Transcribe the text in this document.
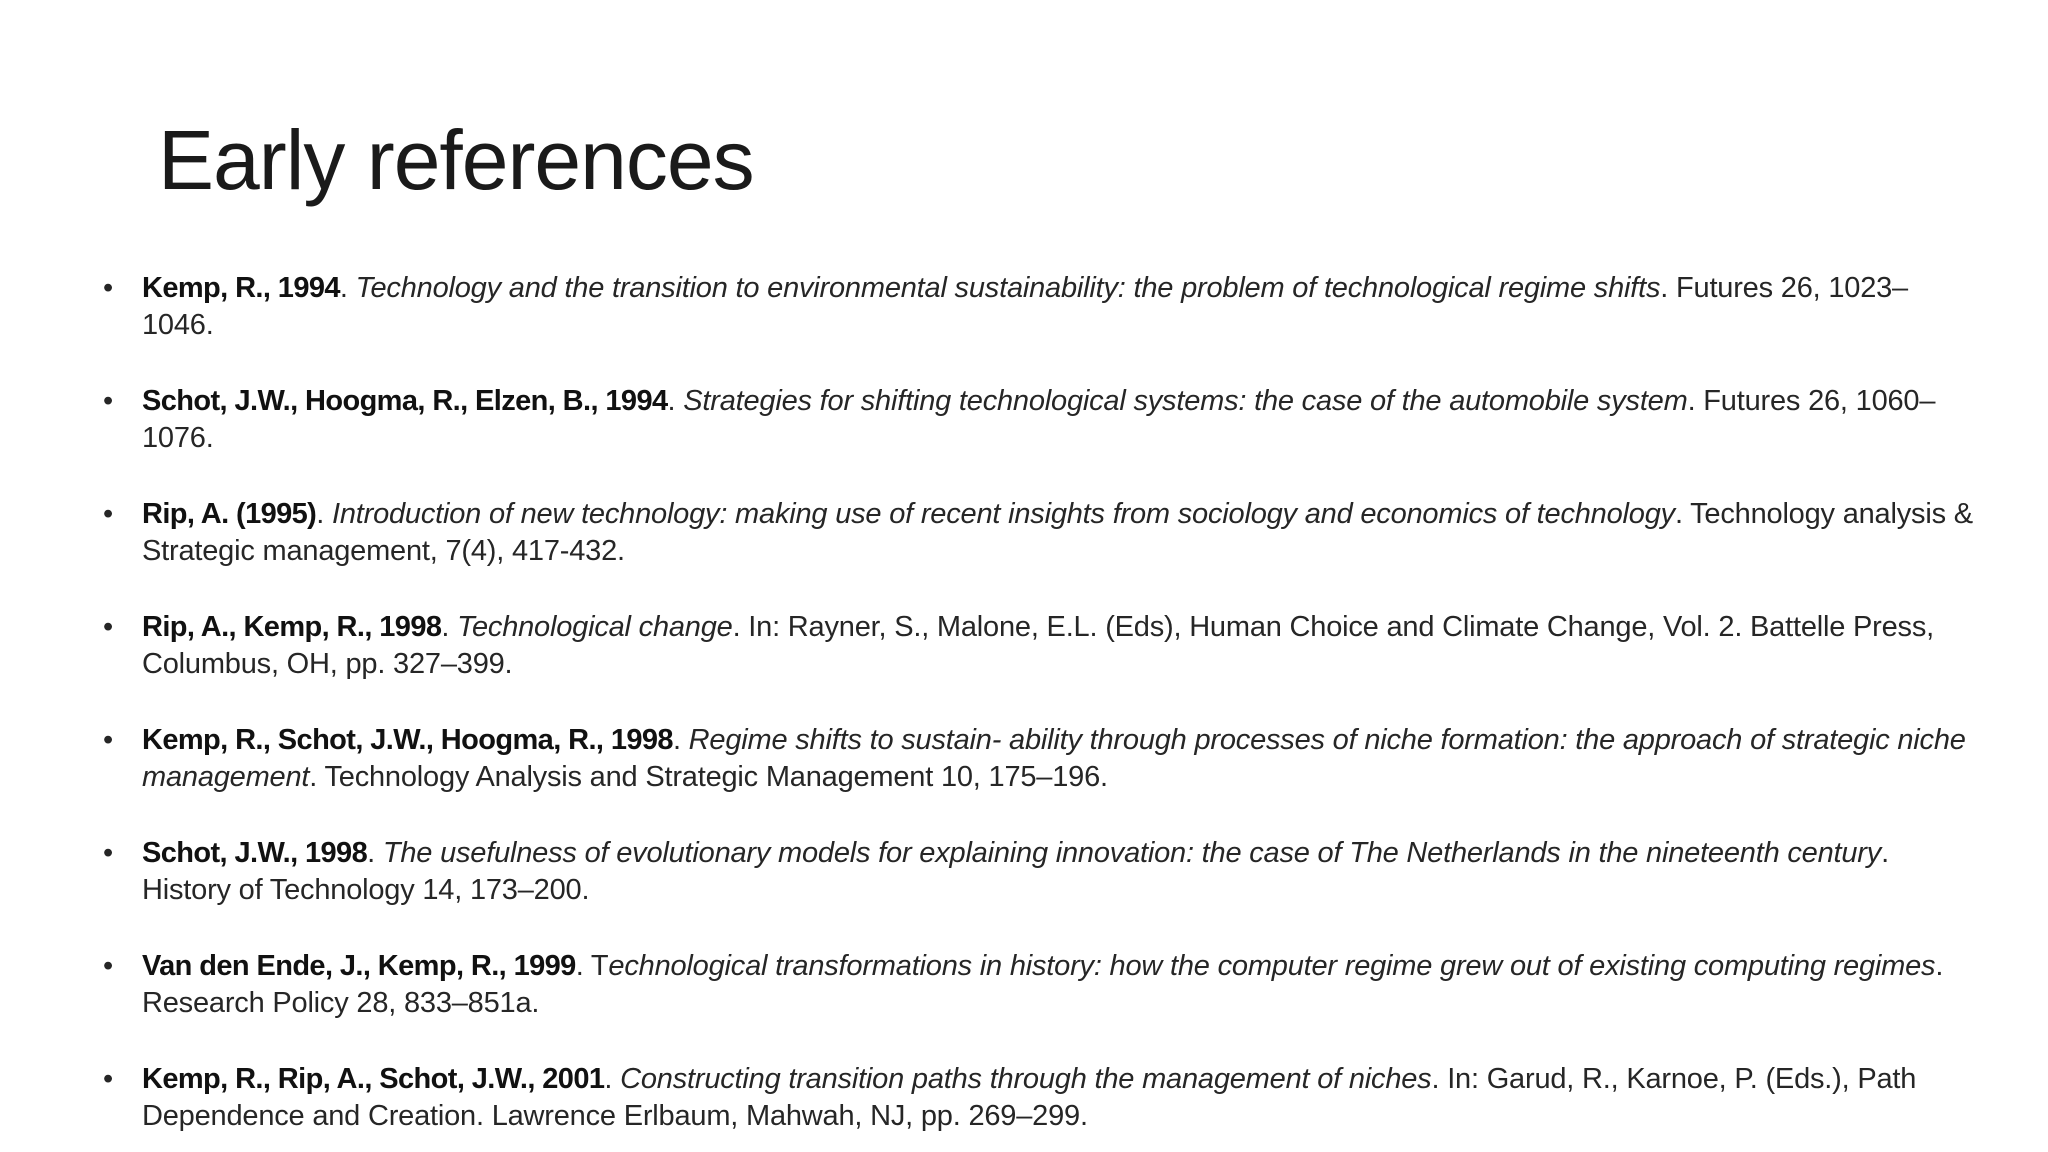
Early references
• Kemp, R., 1994. Technology and the transition to environmental sustainability: the problem of technological regime shifts. Futures 26, 1023–1046.
• Schot, J.W., Hoogma, R., Elzen, B., 1994. Strategies for shifting technological systems: the case of the automobile system. Futures 26, 1060–1076.
• Rip, A. (1995). Introduction of new technology: making use of recent insights from sociology and economics of technology. Technology analysis & Strategic management, 7(4), 417-432.
• Rip, A., Kemp, R., 1998. Technological change. In: Rayner, S., Malone, E.L. (Eds), Human Choice and Climate Change, Vol. 2. Battelle Press, Columbus, OH, pp. 327–399.
• Kemp, R., Schot, J.W., Hoogma, R., 1998. Regime shifts to sustain- ability through processes of niche formation: the approach of strategic niche management. Technology Analysis and Strategic Management 10, 175–196.
• Schot, J.W., 1998. The usefulness of evolutionary models for explaining innovation: the case of The Netherlands in the nineteenth century. History of Technology 14, 173–200.
• Van den Ende, J., Kemp, R., 1999. Technological transformations in history: how the computer regime grew out of existing computing regimes. Research Policy 28, 833–851a.
• Kemp, R., Rip, A., Schot, J.W., 2001. Constructing transition paths through the management of niches. In: Garud, R., Karnoe, P. (Eds.), Path Dependence and Creation. Lawrence Erlbaum, Mahwah, NJ, pp. 269–299.
